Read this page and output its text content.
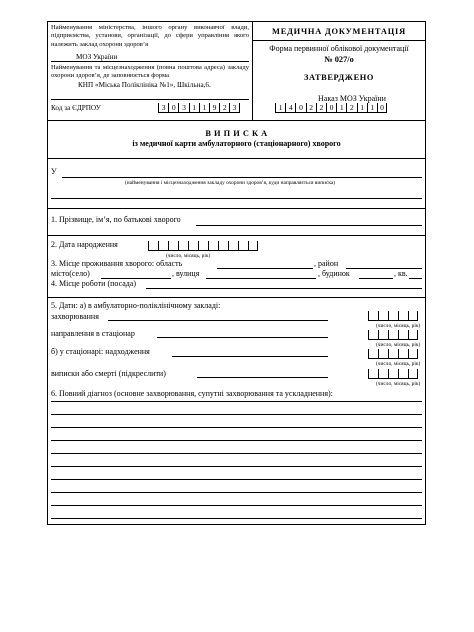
Найменування міністерства, іншого органу виконавчої влади, підприємства, установи, організації, до сфери управління якого належить заклад охорони здоров’я
МОЗ України
Найменування та місцезнаходження (повна поштова адреса) закладу охорони здоров’я, де заповнюється форма
КНП «Міська Поліклініка №1», Шкільна,6.
Код за ЄДРПОУ	3 0 3 1 1 9 2 3
МЕДИЧНА ДОКУМЕНТАЦІЯ
Форма первинної облікової документації
№ 027/о
ЗАТВЕРДЖЕНО
Наказ МОЗ України
1 4 0 2 2 0 1 2 1 1 0
В И П И С К А
із медичної карти амбулаторного (стаціонарного) хворого
У
(найменування і місцезнаходження закладу охорони здоров’я, куди направляється виписка)
1. Прізвище, ім’я, по батькові хворого
2. Дата народження
(число, місяць, рік)
3. Місце проживання хворого: область	, район
місто(село)	, вулиця	, будинок	, кв.
4. Місце роботи (посада)
5. Дати: а) в амбулаторно-поліклінічному закладі:
захворювання
(число, місяць, рік)
направлення в стаціонар
(число, місяць, рік)
б) у стаціонарі: надходження
(число, місяць, рік)
виписки або смерті (підкреслити)
(число, місяць, рік)
6. Повний діагноз (основне захворювання, супутні захворювання та ускладнення):
